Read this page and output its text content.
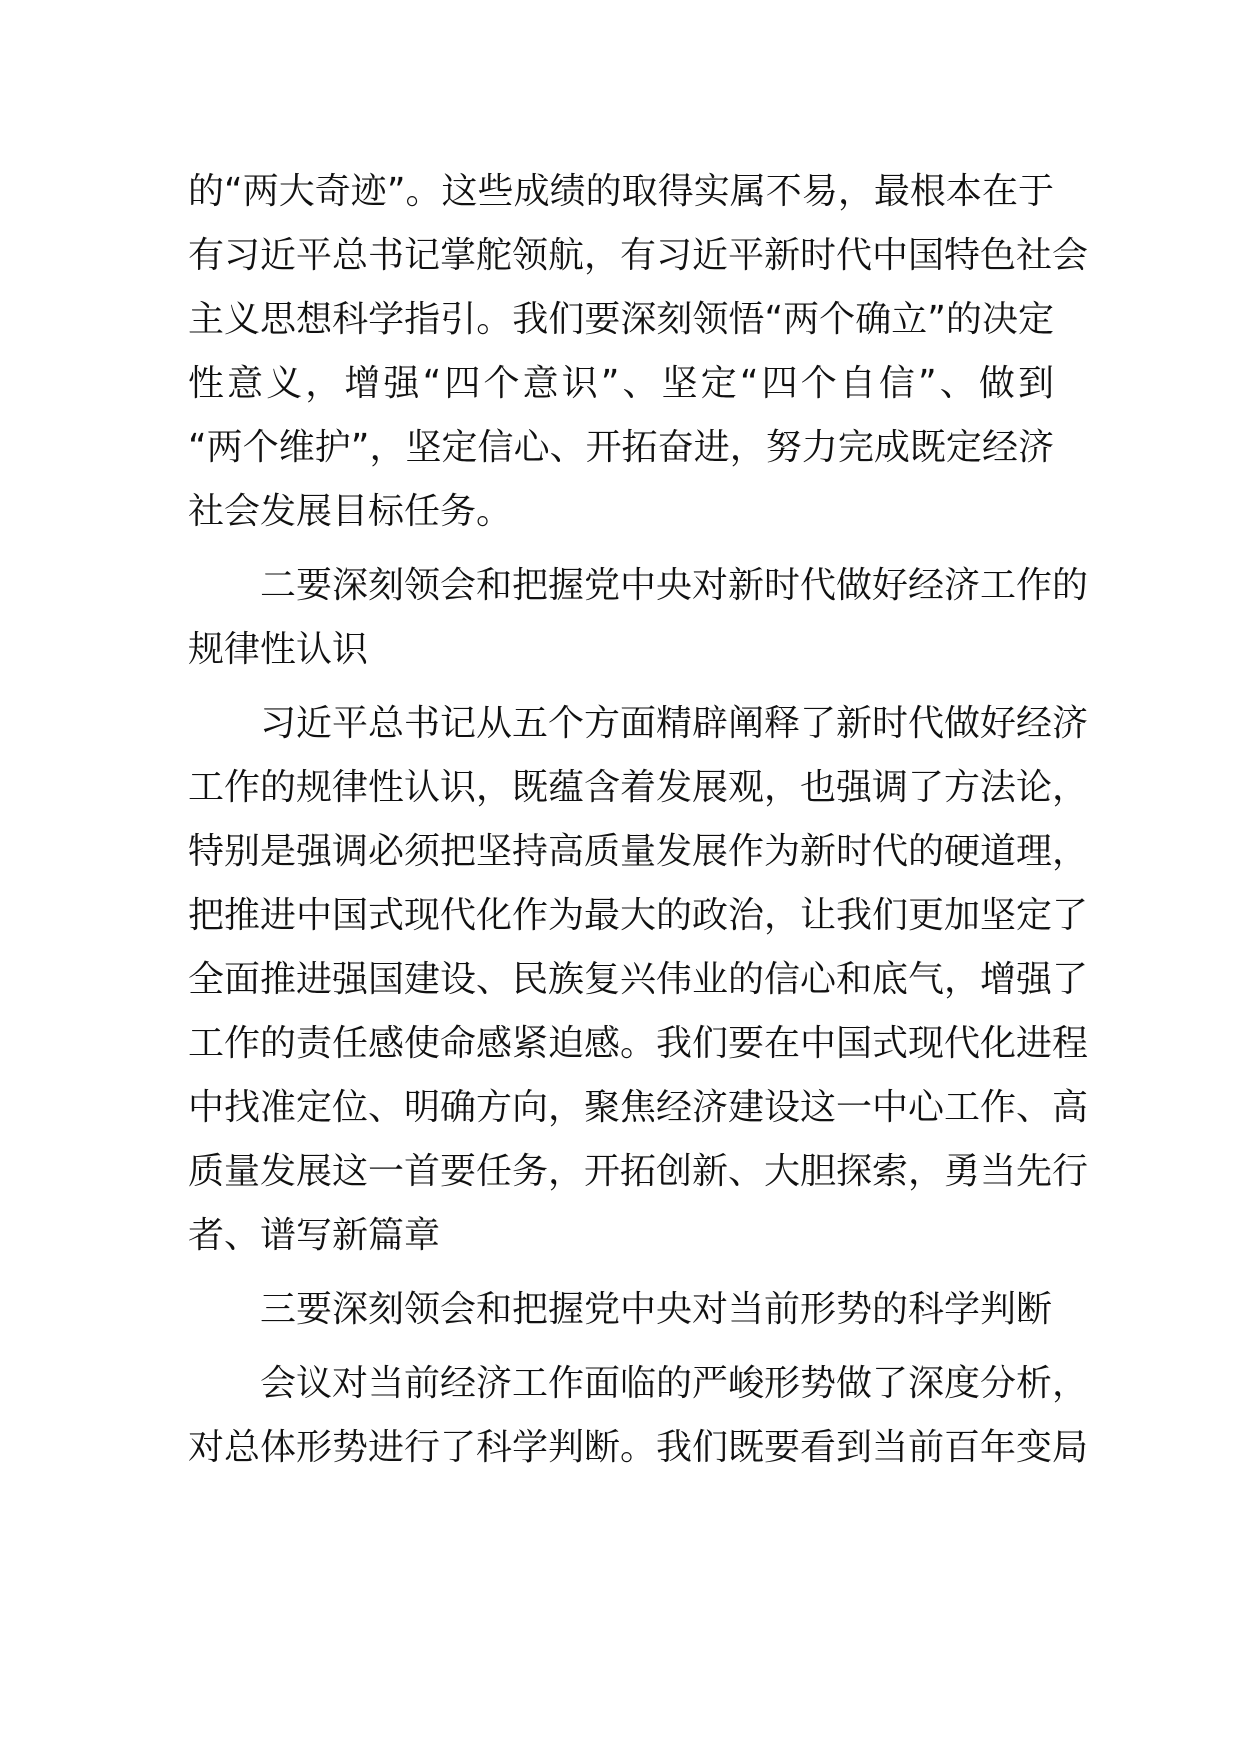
的“两大奇迹”。这些成绩的取得实属不易，最根本在于
有习近平总书记掌舵领航，有习近平新时代中国特色社会
主义思想科学指引。我们要深刻领悟“两个确立”的决定
性意义，增强“四个意识”、坚定“四个自信”、做到
“两个维护”，坚定信心、开拓奋进，努力完成既定经济
社会发展目标任务。
二要深刻领会和把握党中央对新时代做好经济工作的
规律性认识
习近平总书记从五个方面精辟阐释了新时代做好经济
工作的规律性认识，既蕴含着发展观，也强调了方法论，
特别是强调必须把坚持高质量发展作为新时代的硬道理，
把推进中国式现代化作为最大的政治，让我们更加坚定了
全面推进强国建设、民族复兴伟业的信心和底气，增强了
工作的责任感使命感紧迫感。我们要在中国式现代化进程
中找准定位、明确方向，聚焦经济建设这一中心工作、高
质量发展这一首要任务，开拓创新、大胆探索，勇当先行
者、谱写新篇章
三要深刻领会和把握党中央对当前形势的科学判断
会议对当前经济工作面临的严峻形势做了深度分析，
对总体形势进行了科学判断。我们既要看到当前百年变局
